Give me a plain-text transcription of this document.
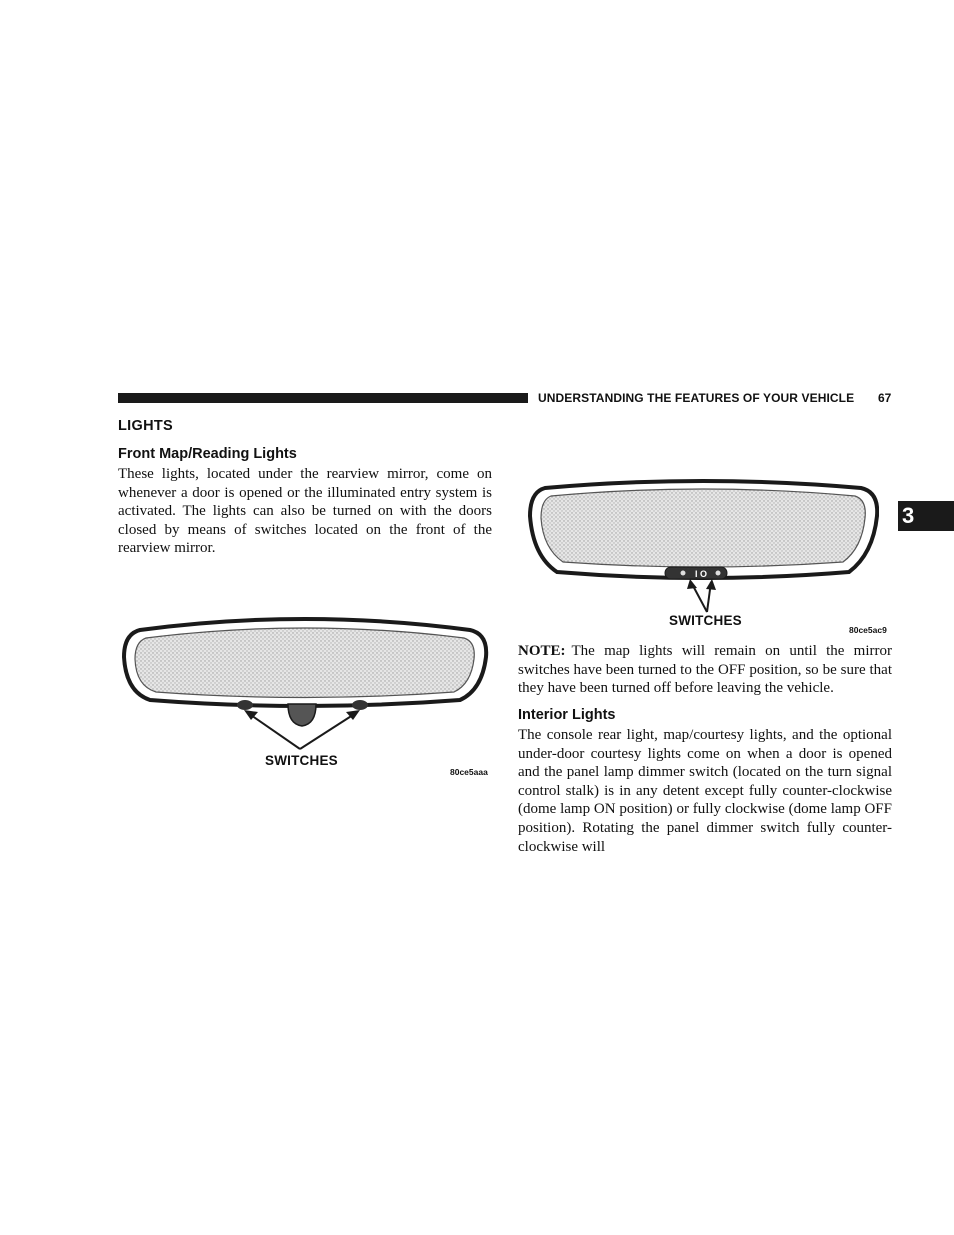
UNDERSTANDING THE FEATURES OF YOUR VEHICLE 67
3
LIGHTS
Front Map/Reading Lights

These lights, located under the rearview mirror, come on whenever a door is opened or the illuminated entry system is activated. The lights can also be turned on with the doors closed by means of switches located on the front of the rearview mirror.

SWITCHES
80ce5aaa
I O
SWITCHES
80ce5ac9

NOTE: The map lights will remain on until the mirror switches have been turned to the OFF position, so be sure that they have been turned off before leaving the vehicle.

Interior Lights

The console rear light, map/courtesy lights, and the optional under-door courtesy lights come on when a door is opened and the panel lamp dimmer switch (located on the turn signal control stalk) is in any detent except fully counter-clockwise (dome lamp ON position) or fully clockwise (dome lamp OFF position). Rotating the panel dimmer switch fully counter-clockwise will
